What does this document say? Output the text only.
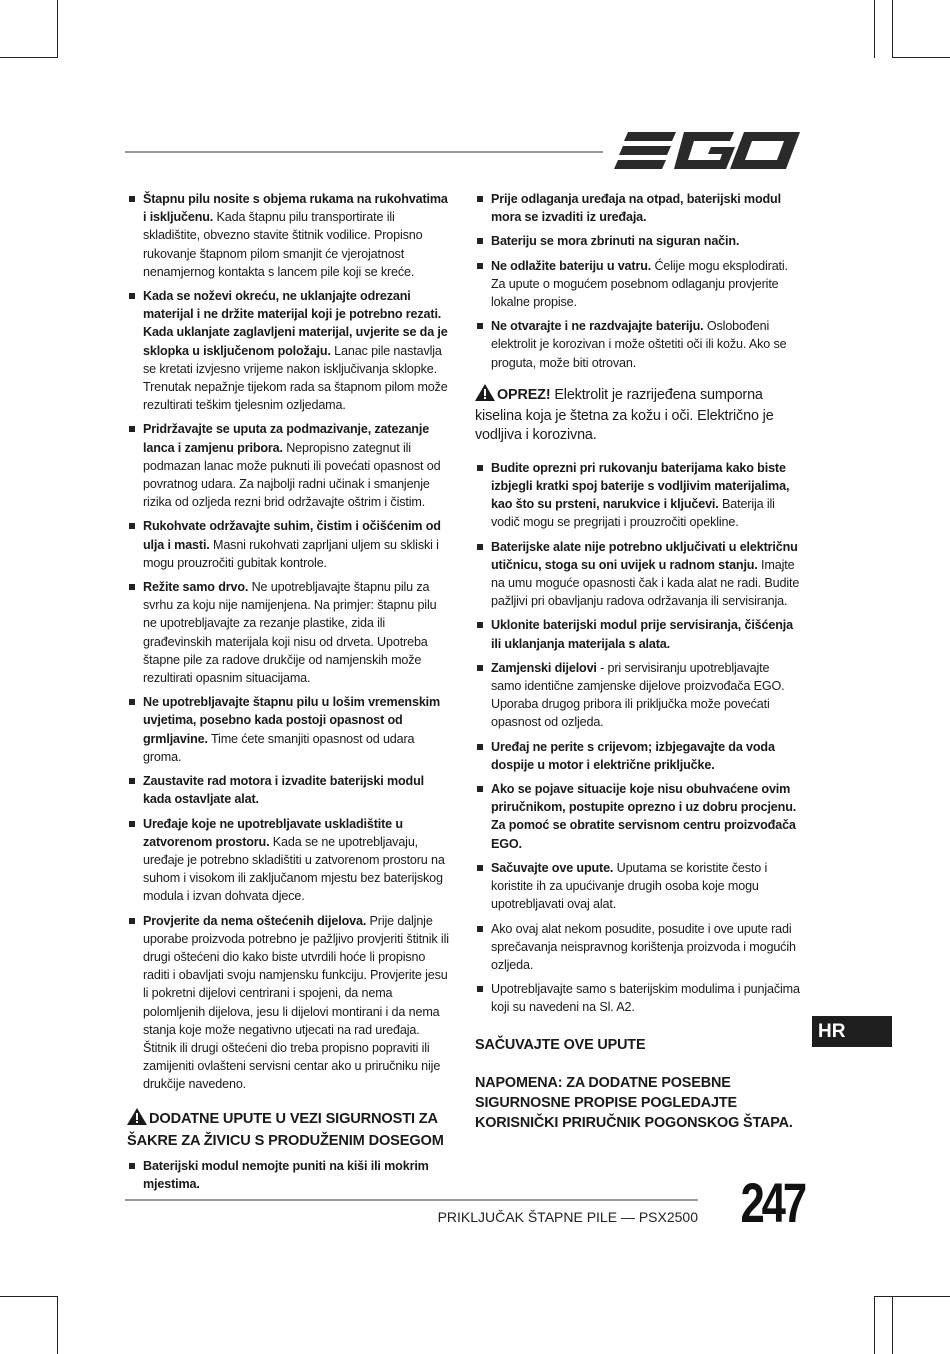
Štapnu pilu nosite s objema rukama na rukohvatima i isključenu. Kada štapnu pilu transportirate ili skladištite, obvezno stavite štitnik vodilice. Propisno rukovanje štapnom pilom smanjit će vjerojatnost nenamjernog kontakta s lancem pile koji se kreće.
Kada se noževi okreću, ne uklanjajte odrezani materijal i ne držite materijal koji je potrebno rezati. Kada uklanjate zaglavljeni materijal, uvjerite se da je sklopka u isključenom položaju. Lanac pile nastavlja se kretati izvjesno vrijeme nakon isključivanja sklopke. Trenutak nepažnje tijekom rada sa štapnom pilom može rezultirati teškim tjelesnim ozljedama.
Pridržavajte se uputa za podmazivanje, zatezanje lanca i zamjenu pribora. Nepropisno zategnut ili podmazan lanac može puknuti ili povećati opasnost od povratnog udara. Za najbolji radni učinak i smanjenje rizika od ozljeda rezni brid održavajte oštrim i čistim.
Rukohvate održavajte suhim, čistim i očišćenim od ulja i masti. Masni rukohvati zaprljani uljem su skliski i mogu prouzročiti gubitak kontrole.
Režite samo drvo. Ne upotrebljavajte štapnu pilu za svrhu za koju nije namijenjena. Na primjer: štapnu pilu ne upotrebljavajte za rezanje plastike, zida ili građevinskih materijala koji nisu od drveta. Upotreba štapne pile za radove drukčije od namjenskih može rezultirati opasnim situacijama.
Ne upotrebljavajte štapnu pilu u lošim vremenskim uvjetima, posebno kada postoji opasnost od grmljavine. Time ćete smanjiti opasnost od udara groma.
Zaustavite rad motora i izvadite baterijski modul kada ostavljate alat.
Uređaje koje ne upotrebljavate uskladištite u zatvorenom prostoru. Kada se ne upotrebljavaju, uređaje je potrebno skladištiti u zatvorenom prostoru na suhom i visokom ili zaključanom mjestu bez baterijskog modula i izvan dohvata djece.
Provjerite da nema oštećenih dijelova. Prije daljnje uporabe proizvoda potrebno je pažljivo provjeriti štitnik ili drugi oštećeni dio kako biste utvrdili hoće li propisno raditi i obavljati svoju namjensku funkciju. Provjerite jesu li pokretni dijelovi centrirani i spojeni, da nema polomljenih dijelova, jesu li dijelovi montirani i da nema stanja koje može negativno utjecati na rad uređaja. Štitnik ili drugi oštećeni dio treba propisno popraviti ili zamijeniti ovlašteni servisni centar ako u priručniku nije drukčije navedeno.
DODATNE UPUTE U VEZI SIGURNOSTI ZA ŠAKRE ZA ŽIVICU S PRODUŽENIM DOSEGOM
Baterijski modul nemojte puniti na kiši ili mokrim mjestima.
Prije odlaganja uređaja na otpad, baterijski modul mora se izvaditi iz uređaja.
Bateriju se mora zbrinuti na siguran način.
Ne odlažite bateriju u vatru. Ćelije mogu eksplodirati. Za upute o mogućem posebnom odlaganju provjerite lokalne propise.
Ne otvarajte i ne razdvajajte bateriju. Oslobođeni elektrolit je korozivan i može oštetiti oči ili kožu. Ako se proguta, može biti otrovan.
OPREZ! Elektrolit je razrijeđena sumporna kiselina koja je štetna za kožu i oči. Električno je vodljiva i korozivna.
Budite oprezni pri rukovanju baterijama kako biste izbjegli kratki spoj baterije s vodljivim materijalima, kao što su prsteni, narukvice i ključevi. Baterija ili vodič mogu se pregrijati i prouzročiti opekline.
Baterijske alate nije potrebno uključivati u električnu utičnicu, stoga su oni uvijek u radnom stanju. Imajte na umu moguće opasnosti čak i kada alat ne radi. Budite pažljivi pri obavljanju radova održavanja ili servisiranja.
Uklonite baterijski modul prije servisiranja, čišćenja ili uklanjanja materijala s alata.
Zamjenski dijelovi - pri servisiranju upotrebljavajte samo identične zamjenske dijelove proizvođača EGO. Uporaba drugog pribora ili priključka može povećati opasnost od ozljeda.
Uređaj ne perite s crijevom; izbjegavajte da voda dospije u motor i električne priključke.
Ako se pojave situacije koje nisu obuhvaćene ovim priručnikom, postupite oprezno i uz dobru procjenu. Za pomoć se obratite servisnom centru proizvođača EGO.
Sačuvajte ove upute. Uputama se koristite često i koristite ih za upućivanje drugih osoba koje mogu upotrebljavati ovaj alat.
Ako ovaj alat nekom posudite, posudite i ove upute radi sprečavanja neispravnog korištenja proizvoda i mogućih ozljeda.
Upotrebljavajte samo s baterijskim modulima i punjačima koji su navedeni na Sl. A2.
SAČUVAJTE OVE UPUTE
NAPOMENA: ZA DODATNE POSEBNE SIGURNOSNE PROPISE POGLEDAJTE KORISNIČKI PRIRUČNIK POGONSKOG ŠTAPA.
HR
PRIKLJUČAK ŠTAPNE PILE — PSX2500 247
